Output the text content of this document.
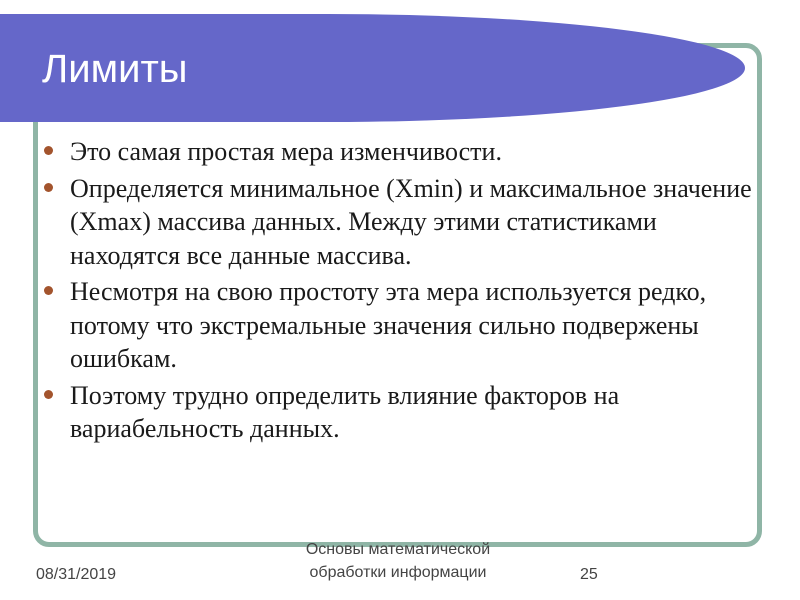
Лимиты
Это самая простая мера изменчивости.
Определяется минимальное (Xmin) и максимальное значение (Xmax) массива данных. Между этими статистиками находятся все данные массива.
Несмотря на свою простоту эта мера используется редко, потому что экстремальные значения сильно подвержены ошибкам.
Поэтому трудно определить влияние факторов на вариабельность данных.
08/31/2019
Основы математической обработки информации	25
